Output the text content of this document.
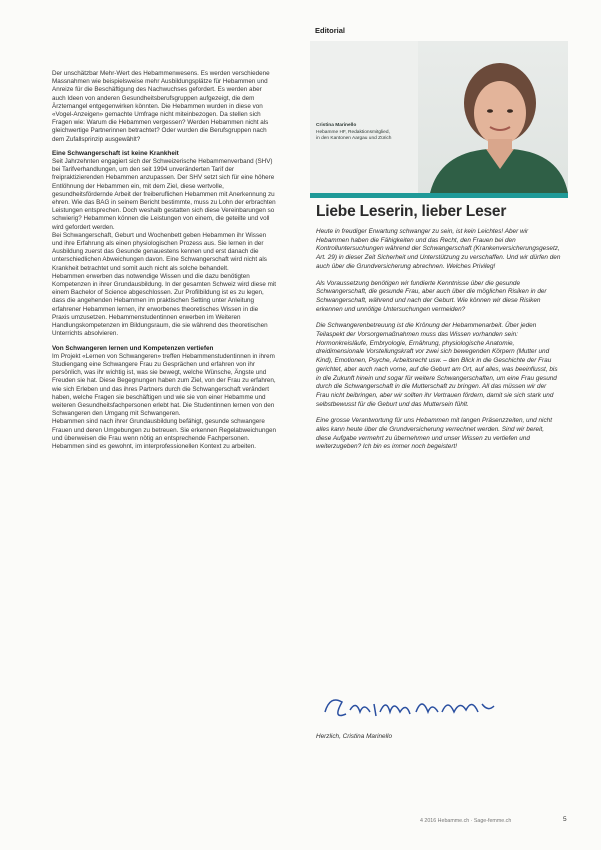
Der unschätzbar Mehr-Wert des Hebammenwesens. Es werden verschiedene Massnahmen wie beispielsweise mehr Ausbildungsplätze für Hebammen und Anreize für die Beschäftigung des Nachwuchses gefordert. Es werden aber auch Ideen von anderen Gesundheitsberufsgruppen aufgezeigt, die dem Ärztemangel entgegenwirken könnten. Die Hebammen wurden in diese von «Vogel-Anzeigen» gemachte Umfrage nicht miteinbezogen. Da stellen sich Fragen wie: Warum die Hebammen vergessen? Werden Hebammen nicht als gleichwertige Partnerinnen betrachtet? Oder wurden die Berufsgruppen nach dem Zufallsprinzip ausgewählt?

Eine Schwangerschaft ist keine Krankheit

Seit Jahrzehnten engagiert sich der Schweizerische Hebammenverband (SHV) bei Tarifverhandlungen, um den seit 1994 unveränderten Tarif der freipraktizierenden Hebammen anzupassen. Der SHV setzt sich für eine höhere Entlöhnung der Hebammen ein, mit dem Ziel, diese wertvolle, gesundheitsfördernde Arbeit der freiberuflichen Hebammen mit Anerkennung zu ehren. Wie das BAG in seinem Bericht bestimmte, muss zu Lohn der erbrachten Leistungen entsprechen. Doch weshalb gestatten sich diese Vereinbarungen so schwierig? Hebammen können die Leistungen von einem, die geteilte und voll wird gefordert werden.

Bei Schwangerschaft, Geburt und Wochenbett geben Hebammen ihr Wissen und ihre Erfahrung als einen physiologischen Prozess aus. Sie lernen in der Ausbildung zuerst das Gesunde genauestens kennen und erst danach die unterschiedlichen Abweichungen davon. Eine Schwangerschaft wird nicht als Krankheit betrachtet und somit auch nicht als solche behandelt.

Hebammen erwerben das notwendige Wissen und die dazu benötigten Kompetenzen in ihrer Grundausbildung. In der gesamten Schweiz wird diese mit einem Bachelor of Science abgeschlossen. Zur Profilbildung ist es zu legen, dass die angehenden Hebammen im praktischen Setting unter Anleitung erfahrener Hebammen lernen, ihr erworbenes theoretisches Wissen in die Praxis umzusetzen. Hebammenstudentinnen erwerben im Weiteren Handlungskompetenzen im Bildungsraum, die sie während des theoretischen Unterrichts absolvieren.

Von Schwangeren lernen und Kompetenzen vertiefen

Im Projekt «Lernen von Schwangeren» treffen Hebammenstudentinnen in ihrem Studiengang eine Schwangere Frau zu Gesprächen und erfahren von ihr persönlich, was ihr wichtig ist, was sie bewegt, welche Wünsche, Ängste und Freuden sie hat. Diese Begegnungen haben zum Ziel, von der Frau zu erfahren, wie sich Erleben und das ihres Partners durch die Schwangerschaft verändert haben, welche Fragen sie beschäftigen und wie sie von einer Hebamme und weiteren Gesundheitsfachpersonen erlebt hat. Die Studentinnen lernen von den Schwangeren den Umgang mit Schwangeren.

Hebammen sind nach ihrer Grundausbildung befähigt, gesunde schwangere Frauen und deren Umgebungen zu betreuen. Sie erkennen Regelabweichungen und überweisen die Frau wenn nötig an entsprechende Fachpersonen. Hebammen sind es gewohnt, im interprofessionellen Kontext zu arbeiten.

Editorial
Cristina Marinello
Hebamme HF, Redaktionsmitglied,
in den Kantonen Aargau und Zürich
Liebe Leserin, lieber Leser

Heute in freudiger Erwartung schwanger zu sein, ist kein Leichtes! Aber wir Hebammen haben die Fähigkeiten und das Recht, den Frauen bei den Kontrolluntersuchungen während der Schwangerschaft (Krankenversicherungsgesetz, Art. 29) in dieser Zeit Sicherheit und Unterstützung zu verschaffen. Und wir dürfen den auch über die Grundversicherung abrechnen. Welches Privileg!

Als Voraussetzung benötigen wir fundierte Kenntnisse über die gesunde Schwangerschaft, die gesunde Frau, aber auch über die möglichen Risiken in der Schwangerschaft, während und nach der Geburt. Wie können wir diese Risiken erkennen und unnötige Untersuchungen vermeiden?

Die Schwangerenbetreuung ist die Krönung der Hebammenarbeit. Über jeden Teilaspekt der Vorsorgemaßnahmen muss das Wissen vorhanden sein: Hormonkreisläufe, Embryologie, Ernährung, physiologische Anatomie, dreidimensionale Vorstellungskraft vor zwei sich bewegenden Körpern (Mutter und Kind), Emotionen, Psyche, Arbeitsrecht usw. – den Blick in die Geschichte der Frau gerichtet, aber auch nach vorne, auf die Geburt am Ort, auf alles, was beeinflusst, bis in die Zukunft hinein und sogar für weitere Schwangerschaften, um eine Frau gesund durch die Schwangerschaft in die Mutterschaft zu bringen. All das müssen wir der Frau nicht beibringen, aber wir sollten ihr Vertrauen fördern, damit sie sich stark und selbstbewusst für die Geburt und das Muttersein fühlt.

Eine grosse Verantwortung für uns Hebammen mit langen Präsenzzeiten, und nicht alles kann heute über die Grundversicherung verrechnet werden. Sind wir bereit, diese Aufgabe vermehrt zu übernehmen und unser Wissen zu vertiefen und weiterzugeben? Ich bin es immer noch begeistert!

Herzlich, Cristina Marinello
4 2016 Hebamme.ch · Sage-femme.ch	5
